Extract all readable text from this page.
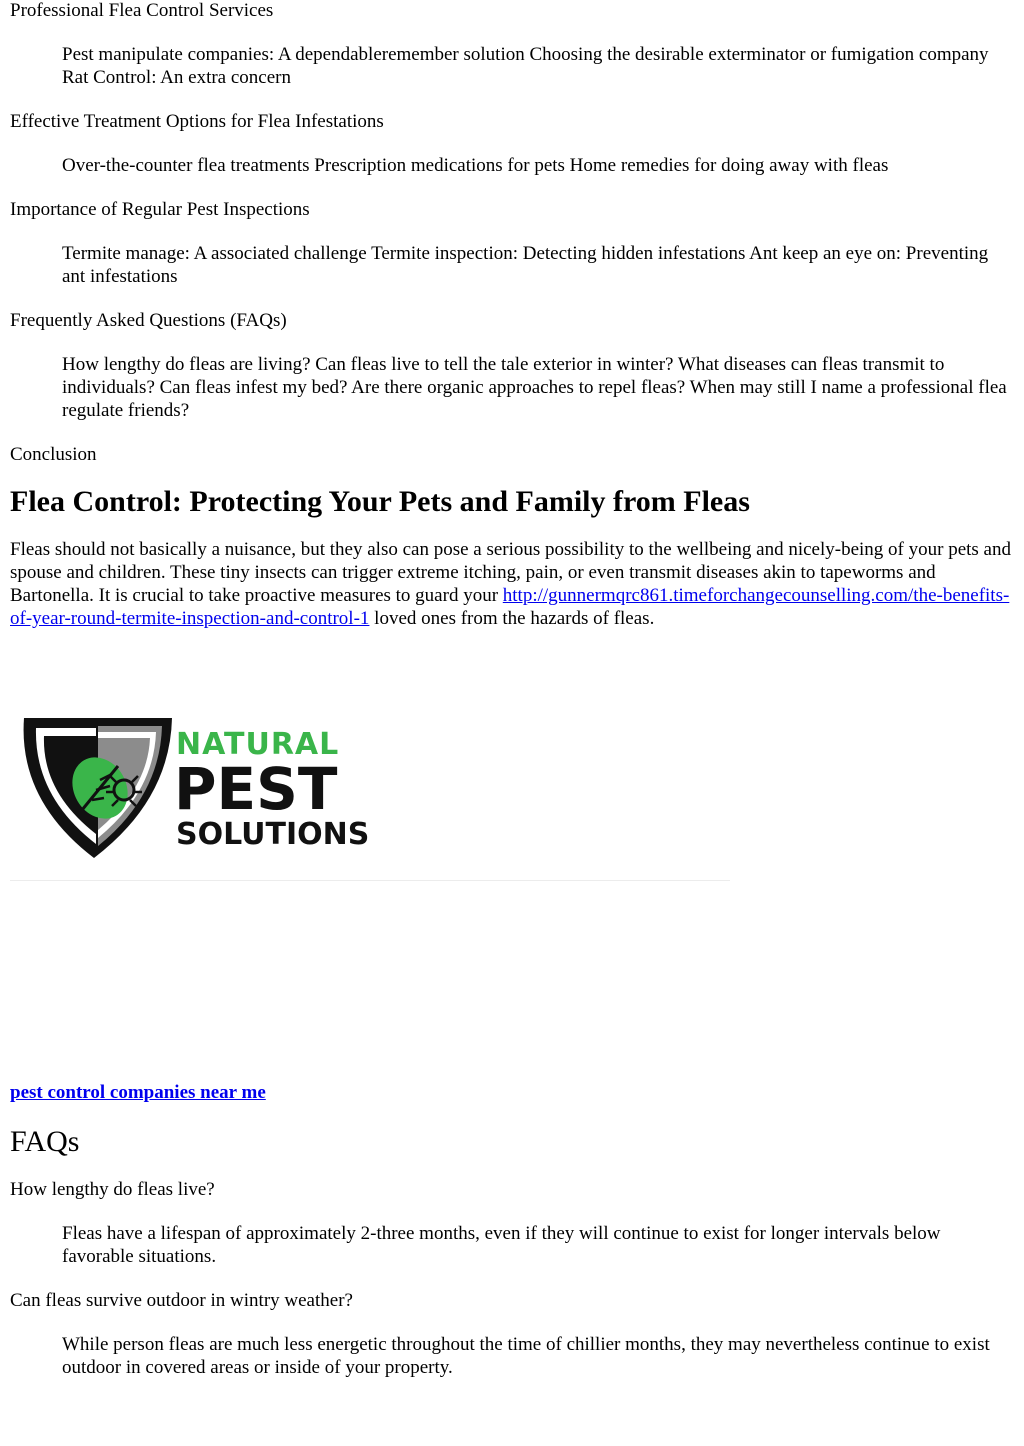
Professional Flea Control Services

Pest manipulate companies: A dependableremember solution Choosing the desirable exterminator or fumigation company Rat Control: An extra concern

Effective Treatment Options for Flea Infestations

Over-the-counter flea treatments Prescription medications for pets Home remedies for doing away with fleas

Importance of Regular Pest Inspections

Termite manage: A associated challenge Termite inspection: Detecting hidden infestations Ant keep an eye on: Preventing ant infestations

Frequently Asked Questions (FAQs)

How lengthy do fleas are living? Can fleas live to tell the tale exterior in winter? What diseases can fleas transmit to individuals? Can fleas infest my bed? Are there organic approaches to repel fleas? When may still I name a professional flea regulate friends?

Conclusion

Flea Control: Protecting Your Pets and Family from Fleas

Fleas should not basically a nuisance, but they also can pose a serious possibility to the wellbeing and nicely-being of your pets and spouse and children. These tiny insects can trigger extreme itching, pain, or even transmit diseases akin to tapeworms and Bartonella. It is crucial to take proactive measures to guard your http://gunnermqrc861.timeforchangecounselling.com/the-benefits-of-year-round-termite-inspection-and-control-1 loved ones from the hazards of fleas.

NATURAL
PEST
SOLUTIONS

pest control companies near me

FAQs

How lengthy do fleas live?

Fleas have a lifespan of approximately 2-three months, even if they will continue to exist for longer intervals below favorable situations.

Can fleas survive outdoor in wintry weather?

While person fleas are much less energetic throughout the time of chillier months, they may nevertheless continue to exist outdoor in covered areas or inside of your property.
